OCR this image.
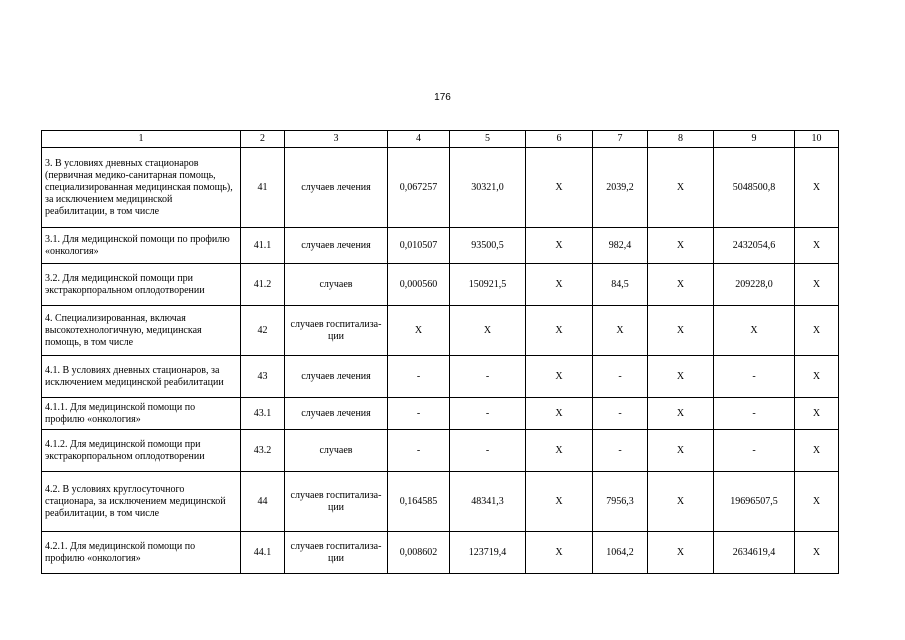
176
1	2	3	4	5	6	7	8	9	10
3. В условиях дневных стационаров (первичная медико-санитарная помощь, специализированная медицинская помощь), за исключением медицинской реабилитации, в том числе	41	случаев лечения	0,067257	30321,0	X	2039,2	X	5048500,8	X
3.1. Для медицинской помощи по профилю «онкология»	41.1	случаев лечения	0,010507	93500,5	X	982,4	X	2432054,6	X
3.2. Для медицинской помощи при экстракорпоральном оплодотворении	41.2	случаев	0,000560	150921,5	X	84,5	X	209228,0	X
4. Специализированная, включая высокотехнологичную, медицинская помощь, в том числе	42	случаев госпитализа-ции	X	X	X	X	X	X	X
4.1. В условиях дневных стационаров, за исключением медицинской реабилитации	43	случаев лечения	-	-	X	-	X	-	X
4.1.1. Для медицинской помощи по профилю «онкология»	43.1	случаев лечения	-	-	X	-	X	-	X
4.1.2. Для медицинской помощи при экстракорпоральном оплодотворении	43.2	случаев	-	-	X	-	X	-	X
4.2. В условиях круглосуточного стационара, за исключением медицинской реабилитации, в том числе	44	случаев госпитализа-ции	0,164585	48341,3	X	7956,3	X	19696507,5	X
4.2.1. Для медицинской помощи по профилю «онкология»	44.1	случаев госпитализа-ции	0,008602	123719,4	X	1064,2	X	2634619,4	X
